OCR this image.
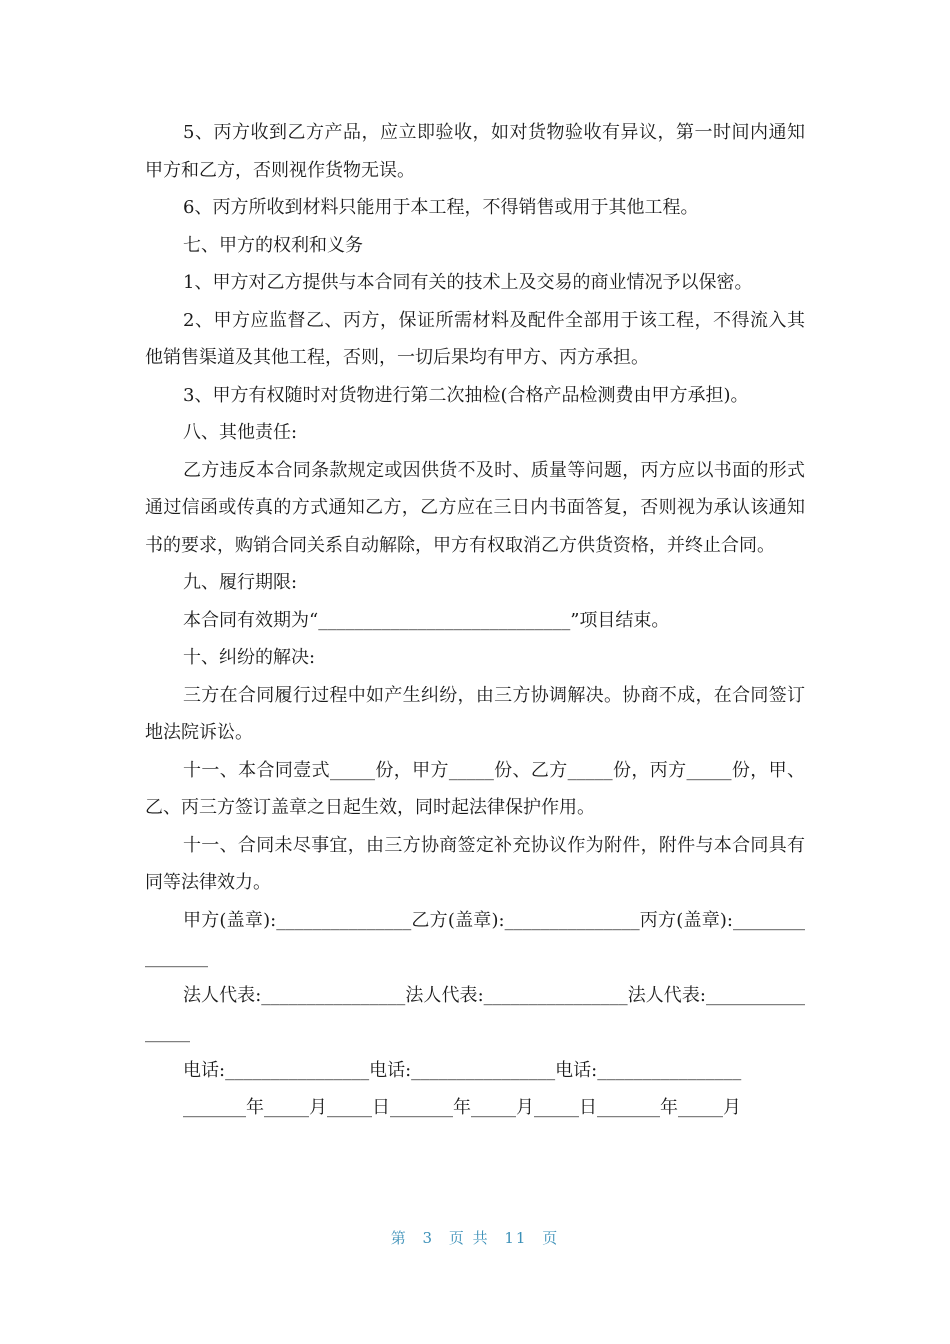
5、丙方收到乙方产品，应立即验收，如对货物验收有异议，第一时间内通知甲方和乙方，否则视作货物无误。

6、丙方所收到材料只能用于本工程，不得销售或用于其他工程。

七、甲方的权利和义务

1、甲方对乙方提供与本合同有关的技术上及交易的商业情况予以保密。

2、甲方应监督乙、丙方，保证所需材料及配件全部用于该工程，不得流入其他销售渠道及其他工程，否则，一切后果均有甲方、丙方承担。

3、甲方有权随时对货物进行第二次抽检(合格产品检测费由甲方承担)。

八、其他责任:

乙方违反本合同条款规定或因供货不及时、质量等问题，丙方应以书面的形式通过信函或传真的方式通知乙方，乙方应在三日内书面答复，否则视为承认该通知书的要求，购销合同关系自动解除，甲方有权取消乙方供货资格，并终止合同。

九、履行期限:

本合同有效期为“____________________________”项目结束。

十、纠纷的解决:

三方在合同履行过程中如产生纠纷，由三方协调解决。协商不成，在合同签订地法院诉讼。

十一、本合同壹式_____份，甲方_____份、乙方_____份，丙方_____份，甲、乙、丙三方签订盖章之日起生效，同时起法律保护作用。

十一、合同未尽事宜，由三方协商签定补充协议作为附件，附件与本合同具有同等法律效力。

甲方(盖章):_______________乙方(盖章):_______________丙方(盖章):_______________

法人代表:________________法人代表:________________法人代表:________________

电话:________________电话:________________电话:________________

_______年_____月_____日_______年_____月_____日_______年_____月

第 3 页 共 11 页
